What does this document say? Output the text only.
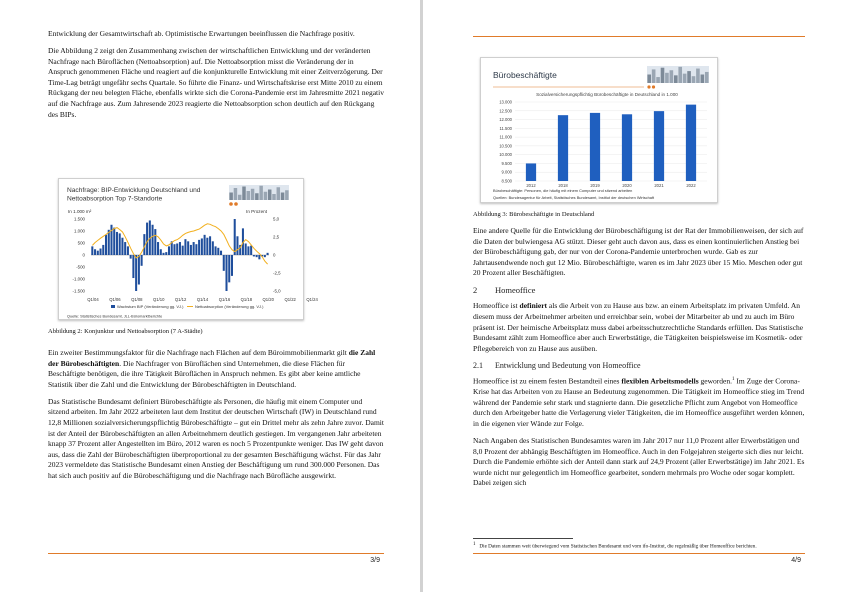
Entwicklung der Gesamtwirtschaft ab. Optimistische Erwartungen beeinflussen die Nachfrage positiv.

Die Abbildung 2 zeigt den Zusammenhang zwischen der wirtschaftlichen Entwicklung und der veränderten Nachfrage nach Büroflächen (Nettoabsorption) auf. Die Nettoabsorption misst die Veränderung der in Anspruch genommenen Fläche und reagiert auf die konjunkturelle Entwicklung mit einer Zeitverzögerung. Der Time-Lag beträgt ungefähr sechs Quartale. So führte die Finanz- und Wirtschaftskrise erst Mitte 2010 zu einem Rückgang der neu belegten Fläche, ebenfalls wirkte sich die Corona-Pandemie erst im Jahresmitte 2021 negativ auf die Nachfrage aus. Zum Jahresende 2023 reagierte die Nettoabsorption schon deutlich auf den Rückgang des BIPs.

Nachfrage: BIP-Entwicklung Deutschland und
Nettoabsorption Top 7-Standorte
In 1.000 m²	In Prozent
1.500
1.000
500
0
-500
-1.000
-1.500
5,0
2,5
0
-2,5
-5,0
Q1/04 Q1/06 Q1/08 Q1/10 Q1/12 Q1/14 Q1/16 Q1/18 Q1/20 Q1/22 Q1/24
Wachstum BIP (Veränderung gg. VJ.)	Nettoabsorption (Veränderung gg. VJ.)
Quelle: Statistisches Bundesamt, JLL-Büromarktberichte
Abbildung 2: Konjunktur und Nettoabsorption (7 A-Städte)

Ein zweiter Bestimmungsfaktor für die Nachfrage nach Flächen auf dem Büroimmobilienmarkt gilt die Zahl der Bürobeschäftigten. Die Nachfrager von Büroflächen sind Unternehmen, die diese Flächen für Beschäftigte benötigen, die ihre Tätigkeit Büroflächen in Anspruch nehmen. Es gibt aber keine amtliche Statistik über die Zahl und die Entwicklung der Bürobeschäftigten in Deutschland.

Das Statistische Bundesamt definiert Bürobeschäftigte als Personen, die häufig mit einem Computer und sitzend arbeiten. Im Jahr 2022 arbeiteten laut dem Institut der deutschen Wirtschaft (IW) in Deutschland rund 12,8 Millionen sozialversicherungspflichtig Bürobeschäftigte – gut ein Drittel mehr als zehn Jahre zuvor. Damit ist der Anteil der Bürobeschäftigten an allen Arbeitnehmern deutlich gestiegen. Im vergangenen Jahr arbeiteten knapp 37 Prozent aller Angestellten im Büro, 2012 waren es noch 5 Prozentpunkte weniger. Das IW geht davon aus, dass die Zahl der Bürobeschäftigten überproportional zu der gesamten Beschäftigung wächst. Für das Jahr 2023 vermeldete das Statistische Bundesamt einen Anstieg der Beschäftigung um rund 300.000 Personen. Das hat sich auch positiv auf die Bürobeschäftigung und die Nachfrage nach Bürofläche ausgewirkt.

3/9	4/9
Bürobeschäftigte
Sozialversicherungspflichtig Bürobeschäftigte in Deutschland in 1.000
13.000
12.500
12.000
11.500
11.000
10.500
10.000
9.500
9.000
8.500
2012	2018	2019	2020	2021	2022
Bürobeschäftigte: Personen, die häufig mit einem Computer und sitzend arbeiten
Quellen: Bundesagentur für Arbeit, Statistisches Bundesamt, Institut der deutschen Wirtschaft
Abbildung 3: Bürobeschäftigte in Deutschland

Eine andere Quelle für die Entwicklung der Bürobeschäftigung ist der Rat der Immobilienweisen, der sich auf die Daten der bulwiengesa AG stützt. Dieser geht auch davon aus, dass es einen kontinuierlichen Anstieg bei der Bürobeschäftigung gab, der nur von der Corona-Pandemie unterbrochen wurde. Gab es zur Jahrtausendwende noch gut 12 Mio. Bürobeschäftigte, waren es im Jahr 2023 über 15 Mio. Meschen oder gut 20 Prozent aller Beschäftigten.

2 Homeoffice

Homeoffice ist definiert als die Arbeit von zu Hause aus bzw. an einem Arbeitsplatz im privaten Umfeld. An diesem muss der Arbeitnehmer arbeiten und erreichbar sein, wobei der Mitarbeiter ab und zu auch im Büro präsent ist. Der heimische Arbeitsplatz muss dabei arbeitsschutzrechtliche Standards erfüllen. Das Statistische Bundesamt zählt zum Homeoffice aber auch Erwerbstätige, die Tätigkeiten beispielsweise im Kosmetik- oder Pflegebereich von zu Hause aus ausüben.

2.1 Entwicklung und Bedeutung von Homeoffice

Homeoffice ist zu einem festen Bestandteil eines flexiblen Arbeitsmodells geworden.$^1$ Im Zuge der Corona-Krise hat das Arbeiten von zu Hause an Bedeutung zugenommen. Die Tätigkeit im Homeoffice stieg im Trend während der Pandemie sehr stark und stagnierte dann. Die gesetzliche Pflicht zum Angebot von Homeoffice durch den Arbeitgeber hatte die Verlagerung vieler Tätigkeiten, die im Homeoffice ausgeführt werden können, in die eigenen vier Wände zur Folge.

Nach Angaben des Statistischen Bundesamtes waren im Jahr 2017 nur 11,0 Prozent aller Erwerbstätigen und 8,0 Prozent der abhängig Beschäftigten im Homeoffice. Auch in den Folgejahren steigerte sich dies nur leicht. Durch die Pandemie erhöhte sich der Anteil dann stark auf 24,9 Prozent (aller Erwerbstätige) im Jahr 2021. Es wurde nicht nur gelegentlich im Homeoffice gearbeitet, sondern mehrmals pro Woche oder sogar komplett. Dabei zeigen sich

$^1$ Die Daten stammen weit überwiegend vom Statistischen Bundesamt und vom ifo-Institut, die regelmäßig über Homeoffice berichten.
